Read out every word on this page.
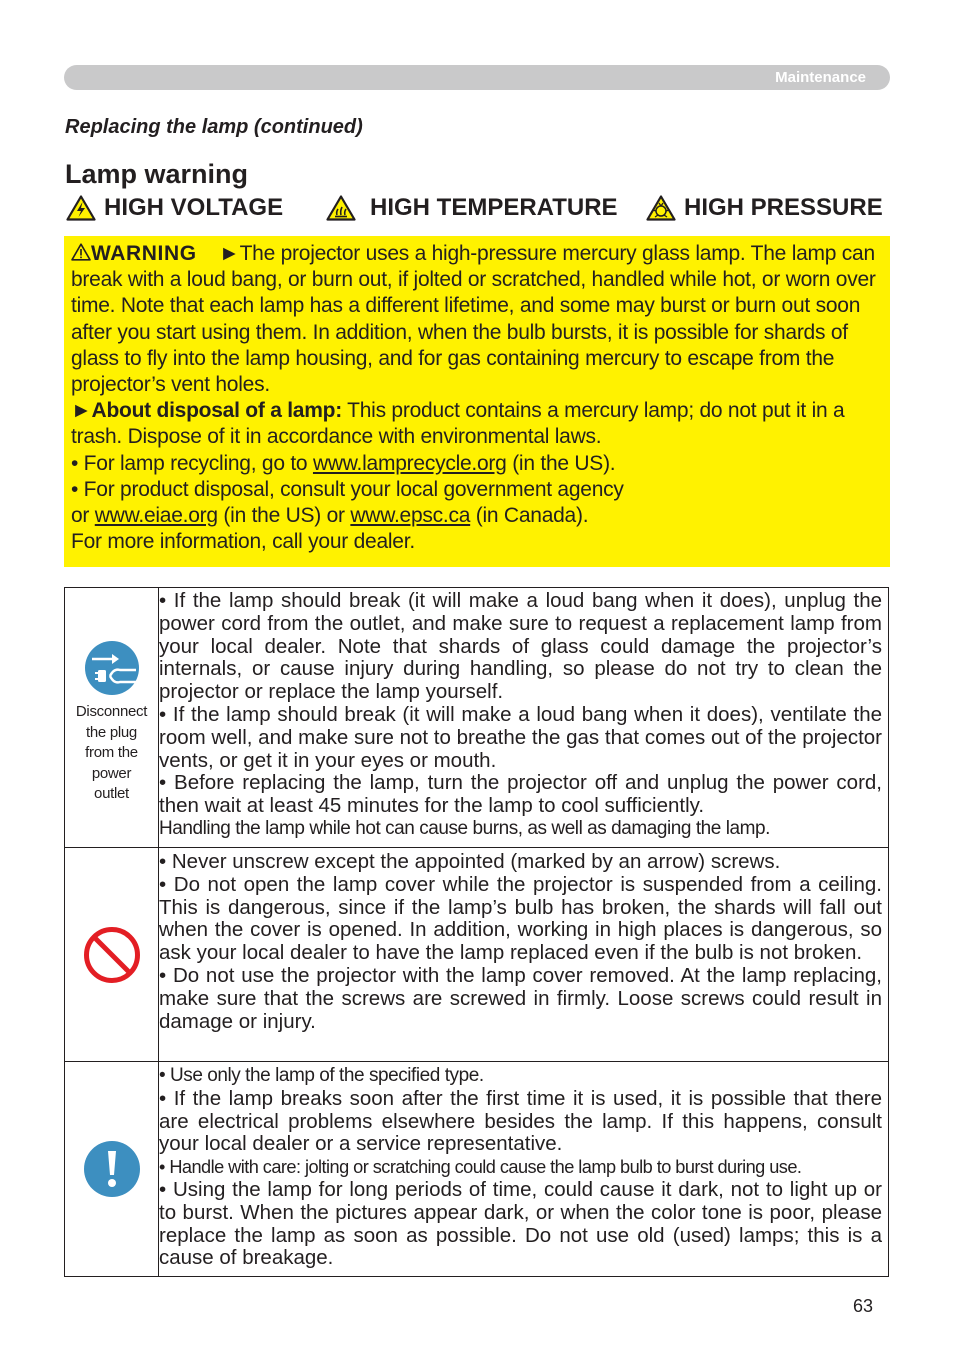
Maintenance
Replacing the lamp (continued)
Lamp warning
HIGH VOLTAGE	HIGH TEMPERATURE	HIGH PRESSURE

WARNING ►The projector uses a high-pressure mercury glass lamp. The lamp can break with a loud bang, or burn out, if jolted or scratched, handled while hot, or worn over time. Note that each lamp has a different lifetime, and some may burst or burn out soon after you start using them. In addition, when the bulb bursts, it is possible for shards of glass to fly into the lamp housing, and for gas containing mercury to escape from the projector’s vent holes.

►About disposal of a lamp: This product contains a mercury lamp; do not put it in a trash. Dispose of it in accordance with environmental laws.

• For lamp recycling, go to www.lamprecycle.org (in the US).

• For product disposal, consult your local government agency

or www.eiae.org (in the US) or www.epsc.ca (in Canada).

For more information, call your dealer.

Disconnect
the plug
from the
power
outlet

• If the lamp should break (it will make a loud bang when it does), unplug the power cord from the outlet, and make sure to request a replacement lamp from your local dealer. Note that shards of glass could damage the projector’s internals, or cause injury during handling, so please do not try to clean the projector or replace the lamp yourself.

• If the lamp should break (it will make a loud bang when it does), ventilate the room well, and make sure not to breathe the gas that comes out of the projector vents, or get it in your eyes or mouth.

• Before replacing the lamp, turn the projector off and unplug the power cord, then wait at least 45 minutes for the lamp to cool sufficiently.

Handling the lamp while hot can cause burns, as well as damaging the lamp.

• Never unscrew except the appointed (marked by an arrow) screws.

• Do not open the lamp cover while the projector is suspended from a ceiling. This is dangerous, since if the lamp’s bulb has broken, the shards will fall out when the cover is opened. In addition, working in high places is dangerous, so ask your local dealer to have the lamp replaced even if the bulb is not broken.

• Do not use the projector with the lamp cover removed. At the lamp replacing, make sure that the screws are screwed in firmly. Loose screws could result in damage or injury.

• Use only the lamp of the specified type.

• If the lamp breaks soon after the first time it is used, it is possible that there are electrical problems elsewhere besides the lamp. If this happens, consult your local dealer or a service representative.

• Handle with care: jolting or scratching could cause the lamp bulb to burst during use.

• Using the lamp for long periods of time, could cause it dark, not to light up or to burst. When the pictures appear dark, or when the color tone is poor, please replace the lamp as soon as possible. Do not use old (used) lamps; this is a cause of breakage.

63
